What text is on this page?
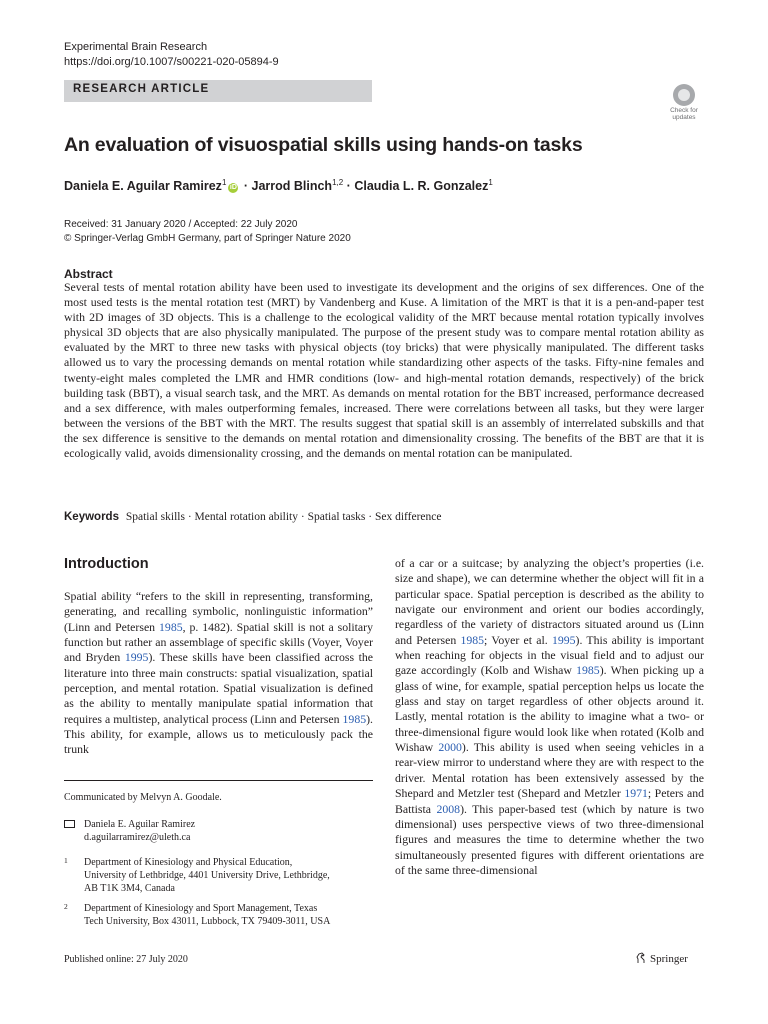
Experimental Brain Research
https://doi.org/10.1007/s00221-020-05894-9
RESEARCH ARTICLE
Check for
updates
An evaluation of visuospatial skills using hands-on tasks
Daniela E. Aguilar Ramirez$^1$iD · Jarrod Blinch$^{1,2}$ · Claudia L. R. Gonzalez$^1$
Received: 31 January 2020 / Accepted: 22 July 2020
© Springer-Verlag GmbH Germany, part of Springer Nature 2020
Abstract
Several tests of mental rotation ability have been used to investigate its development and the origins of sex differences. One of the most used tests is the mental rotation test (MRT) by Vandenberg and Kuse. A limitation of the MRT is that it is a pen-and-paper test with 2D images of 3D objects. This is a challenge to the ecological validity of the MRT because mental rotation typically involves physical 3D objects that are also physically manipulated. The purpose of the present study was to compare mental rotation ability as evaluated by the MRT to three new tasks with physical objects (toy bricks) that were physically manipulated. The different tasks allowed us to vary the processing demands on mental rotation while standardizing other aspects of the tasks. Fifty-nine females and twenty-eight males completed the LMR and HMR conditions (low- and high-mental rotation demands, respectively) of the brick building task (BBT), a visual search task, and the MRT. As demands on mental rotation for the BBT increased, performance decreased and a sex difference, with males outperforming females, increased. There were correlations between all tasks, but they were larger between the versions of the BBT with the MRT. The results suggest that spatial skill is an assembly of interrelated subskills and that the sex difference is sensitive to the demands on mental rotation and dimensionality crossing. The benefits of the BBT are that it is ecologically valid, avoids dimensionality crossing, and the demands on mental rotation can be manipulated.
Keywords Spatial skills · Mental rotation ability · Spatial tasks · Sex difference
Introduction
Spatial ability “refers to the skill in representing, transforming, generating, and recalling symbolic, nonlinguistic information” (Linn and Petersen 1985, p. 1482). Spatial skill is not a solitary function but rather an assemblage of specific skills (Voyer, Voyer and Bryden 1995). These skills have been classified across the literature into three main constructs: spatial visualization, spatial perception, and mental rotation. Spatial visualization is defined as the ability to mentally manipulate spatial information that requires a multistep, analytical process (Linn and Petersen 1985). This ability, for example, allows us to meticulously pack the trunk
of a car or a suitcase; by analyzing the object’s properties (i.e. size and shape), we can determine whether the object will fit in a particular space. Spatial perception is described as the ability to navigate our environment and orient our bodies accordingly, regardless of the variety of distractors situated around us (Linn and Petersen 1985; Voyer et al. 1995). This ability is important when reaching for objects in the visual field and to adjust our gaze accordingly (Kolb and Wishaw 1985). When picking up a glass of wine, for example, spatial perception helps us locate the glass and stay on target regardless of other objects around it. Lastly, mental rotation is the ability to imagine what a two- or three-dimensional figure would look like when rotated (Kolb and Wishaw 2000). This ability is used when seeing vehicles in a rear-view mirror to understand where they are with respect to the driver. Mental rotation has been extensively assessed by the Shepard and Metzler test (Shepard and Metzler 1971; Peters and Battista 2008). This paper-based test (which by nature is two dimensional) uses perspective views of two three-dimensional figures and measures the time to determine whether the two simultaneously presented figures with different orientations are of the same three-dimensional
Communicated by Melvyn A. Goodale.
Daniela E. Aguilar Ramirez
d.aguilarramirez@uleth.ca
1 Department of Kinesiology and Physical Education,
University of Lethbridge, 4401 University Drive, Lethbridge,
AB T1K 3M4, Canada
2 Department of Kinesiology and Sport Management, Texas
Tech University, Box 43011, Lubbock, TX 79409-3011, USA
Published online: 27 July 2020	Springer
